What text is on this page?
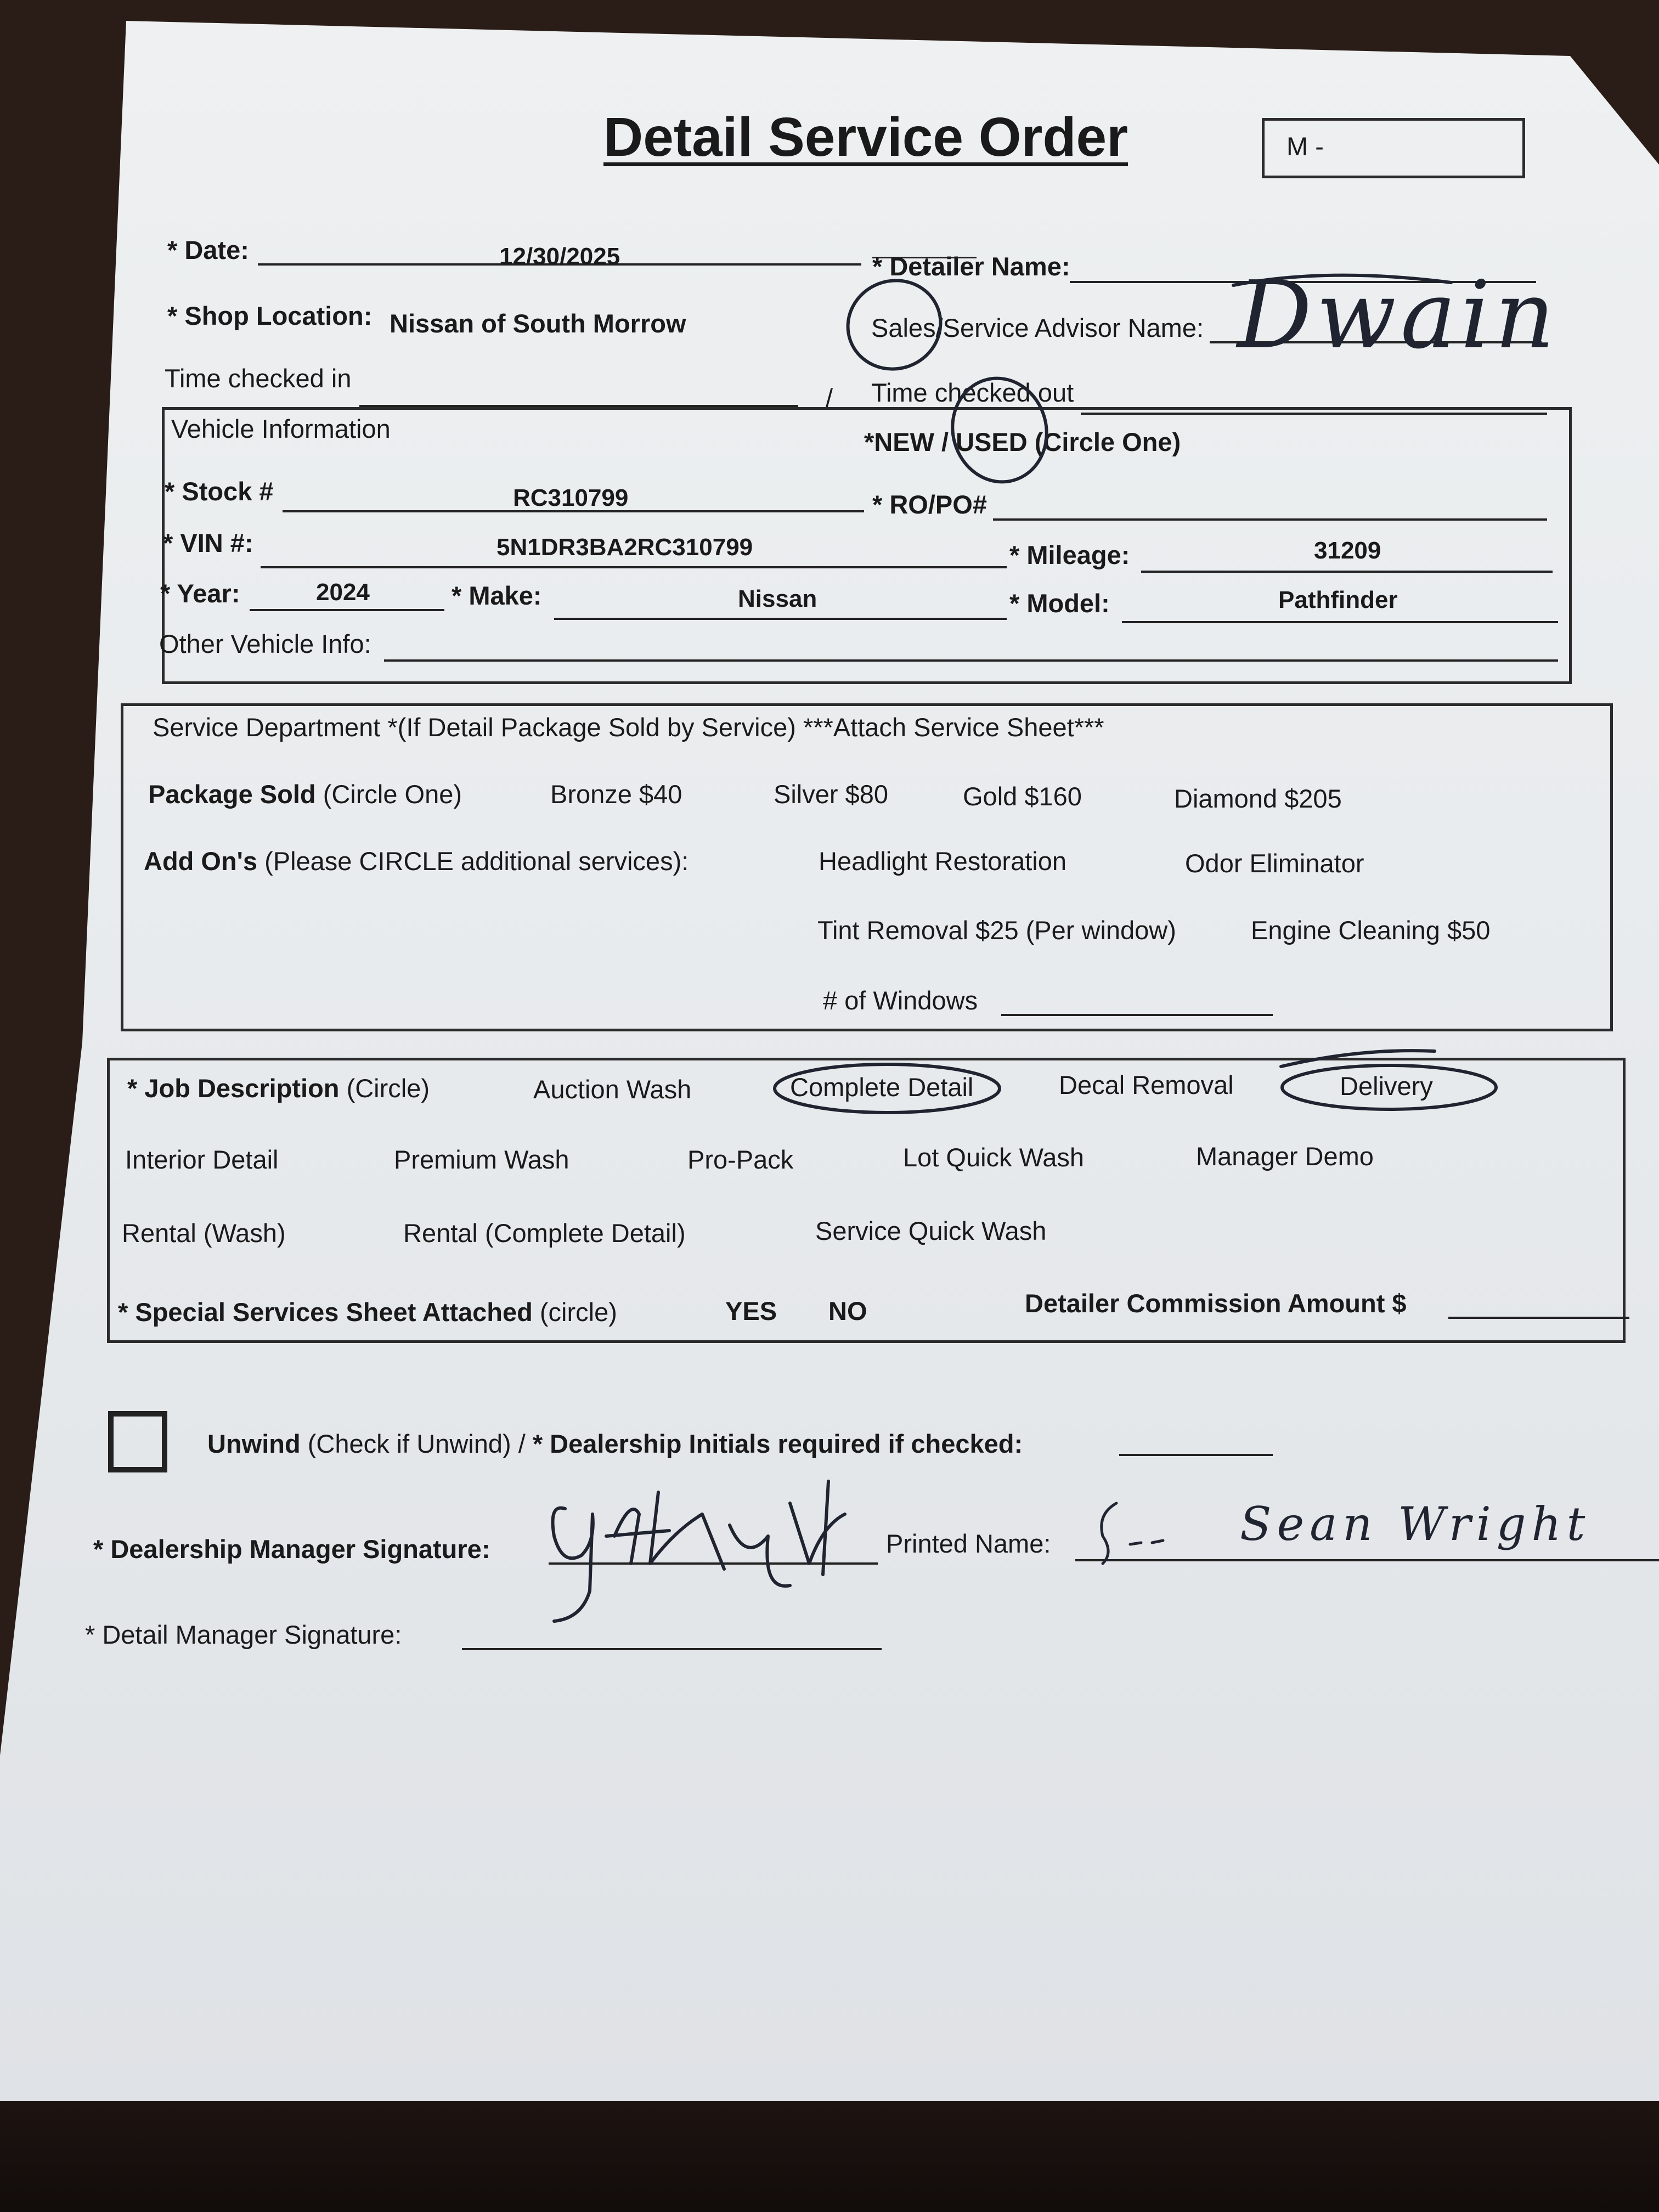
Detail Service Order	M -
* Date:	12/30/2025	* Detailer Name:
* Shop Location: Nissan of South Morrow	Sales/Service Advisor Name: Dwain
Time checked in
/ Time checked out
Vehicle Information	*NEW / USED (Circle One)
* Stock #	RC310799	* RO/PO#
* VIN #:	5N1DR3BA2RC310799	* Mileage:	31209
* Year:	2024	* Make:	Nissan	* Model:	Pathfinder
Other Vehicle Info:
Service Department *(If Detail Package Sold by Service) ***Attach Service Sheet***
Package Sold (Circle One)	Bronze $40	Silver $80	Gold $160	Diamond $205
Add On's (Please CIRCLE additional services):	Headlight Restoration	Odor Eliminator
Tint Removal $25 (Per window)	Engine Cleaning $50
# of Windows
* Job Description (Circle)	Auction Wash	Complete Detail	Decal Removal	Delivery
Interior Detail	Premium Wash	Pro-Pack	Lot Quick Wash	Manager Demo
Rental (Wash)	Rental (Complete Detail)	Service Quick Wash
* Special Services Sheet Attached (circle)	YES NO	Detailer Commission Amount $
Unwind (Check if Unwind) / * Dealership Initials required if checked:
* Dealership Manager Signature:	Printed Name:	Sean Wright
* Detail Manager Signature:
